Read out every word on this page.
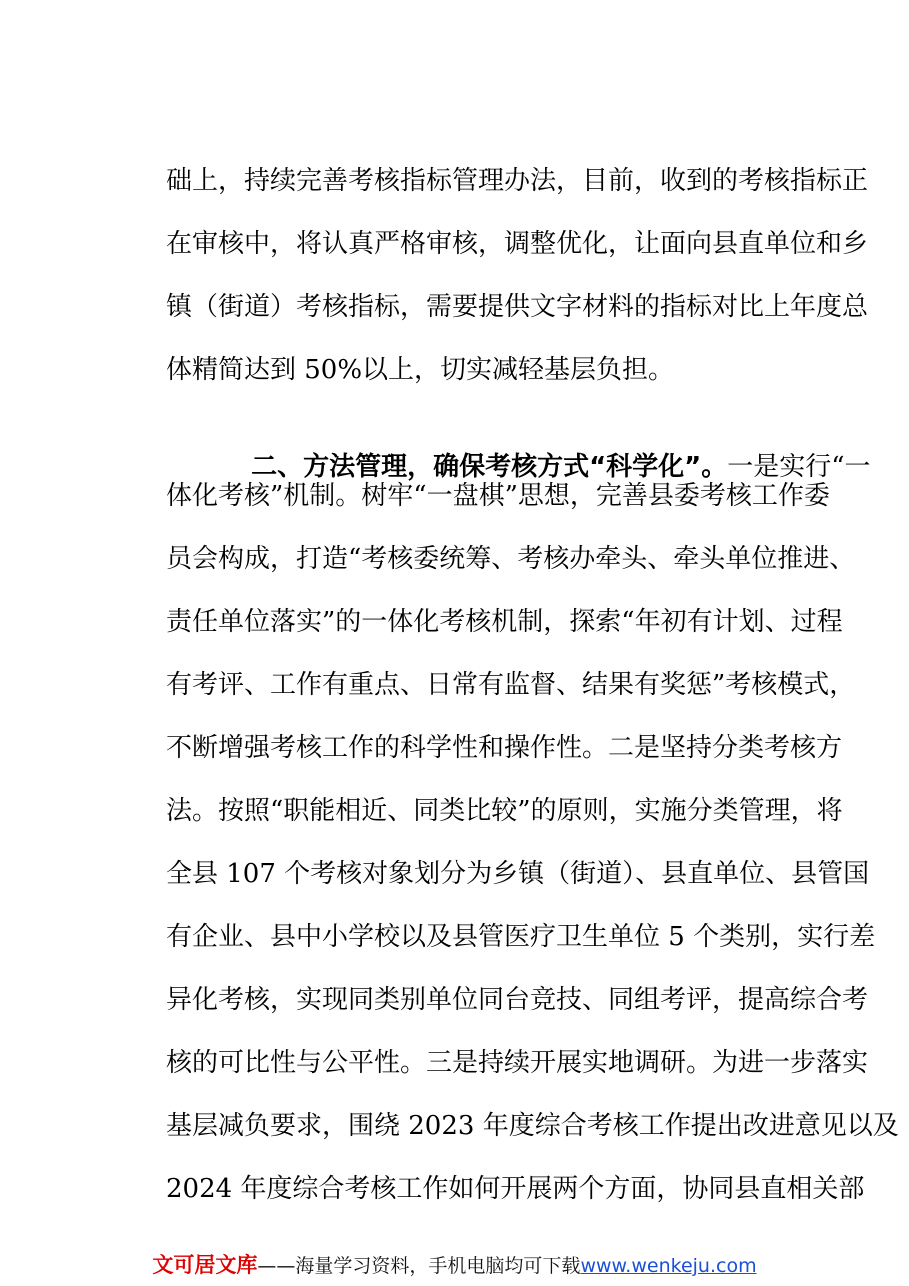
础上，持续完善考核指标管理办法，目前，收到的考核指标正
在审核中，将认真严格审核，调整优化，让面向县直单位和乡
镇（街道）考核指标，需要提供文字材料的指标对比上年度总
体精简达到 50%以上，切实减轻基层负担。

二、方法管理，确保考核方式“科学化”。一是实行“一

体化考核”机制。树牢“一盘棋”思想，完善县委考核工作委
员会构成，打造“考核委统筹、考核办牵头、牵头单位推进、
责任单位落实”的一体化考核机制，探索“年初有计划、过程
有考评、工作有重点、日常有监督、结果有奖惩”考核模式，
不断增强考核工作的科学性和操作性。二是坚持分类考核方
法。按照“职能相近、同类比较”的原则，实施分类管理，将
全县 107 个考核对象划分为乡镇（街道）、县直单位、县管国
有企业、县中小学校以及县管医疗卫生单位 5 个类别，实行差
异化考核，实现同类别单位同台竞技、同组考评，提高综合考
核的可比性与公平性。三是持续开展实地调研。为进一步落实
基层减负要求，围绕 2023 年度综合考核工作提出改进意见以及
2024 年度综合考核工作如何开展两个方面，协同县直相关部
文可居文库——海量学习资料，手机电脑均可下载www.wenkeju.com
